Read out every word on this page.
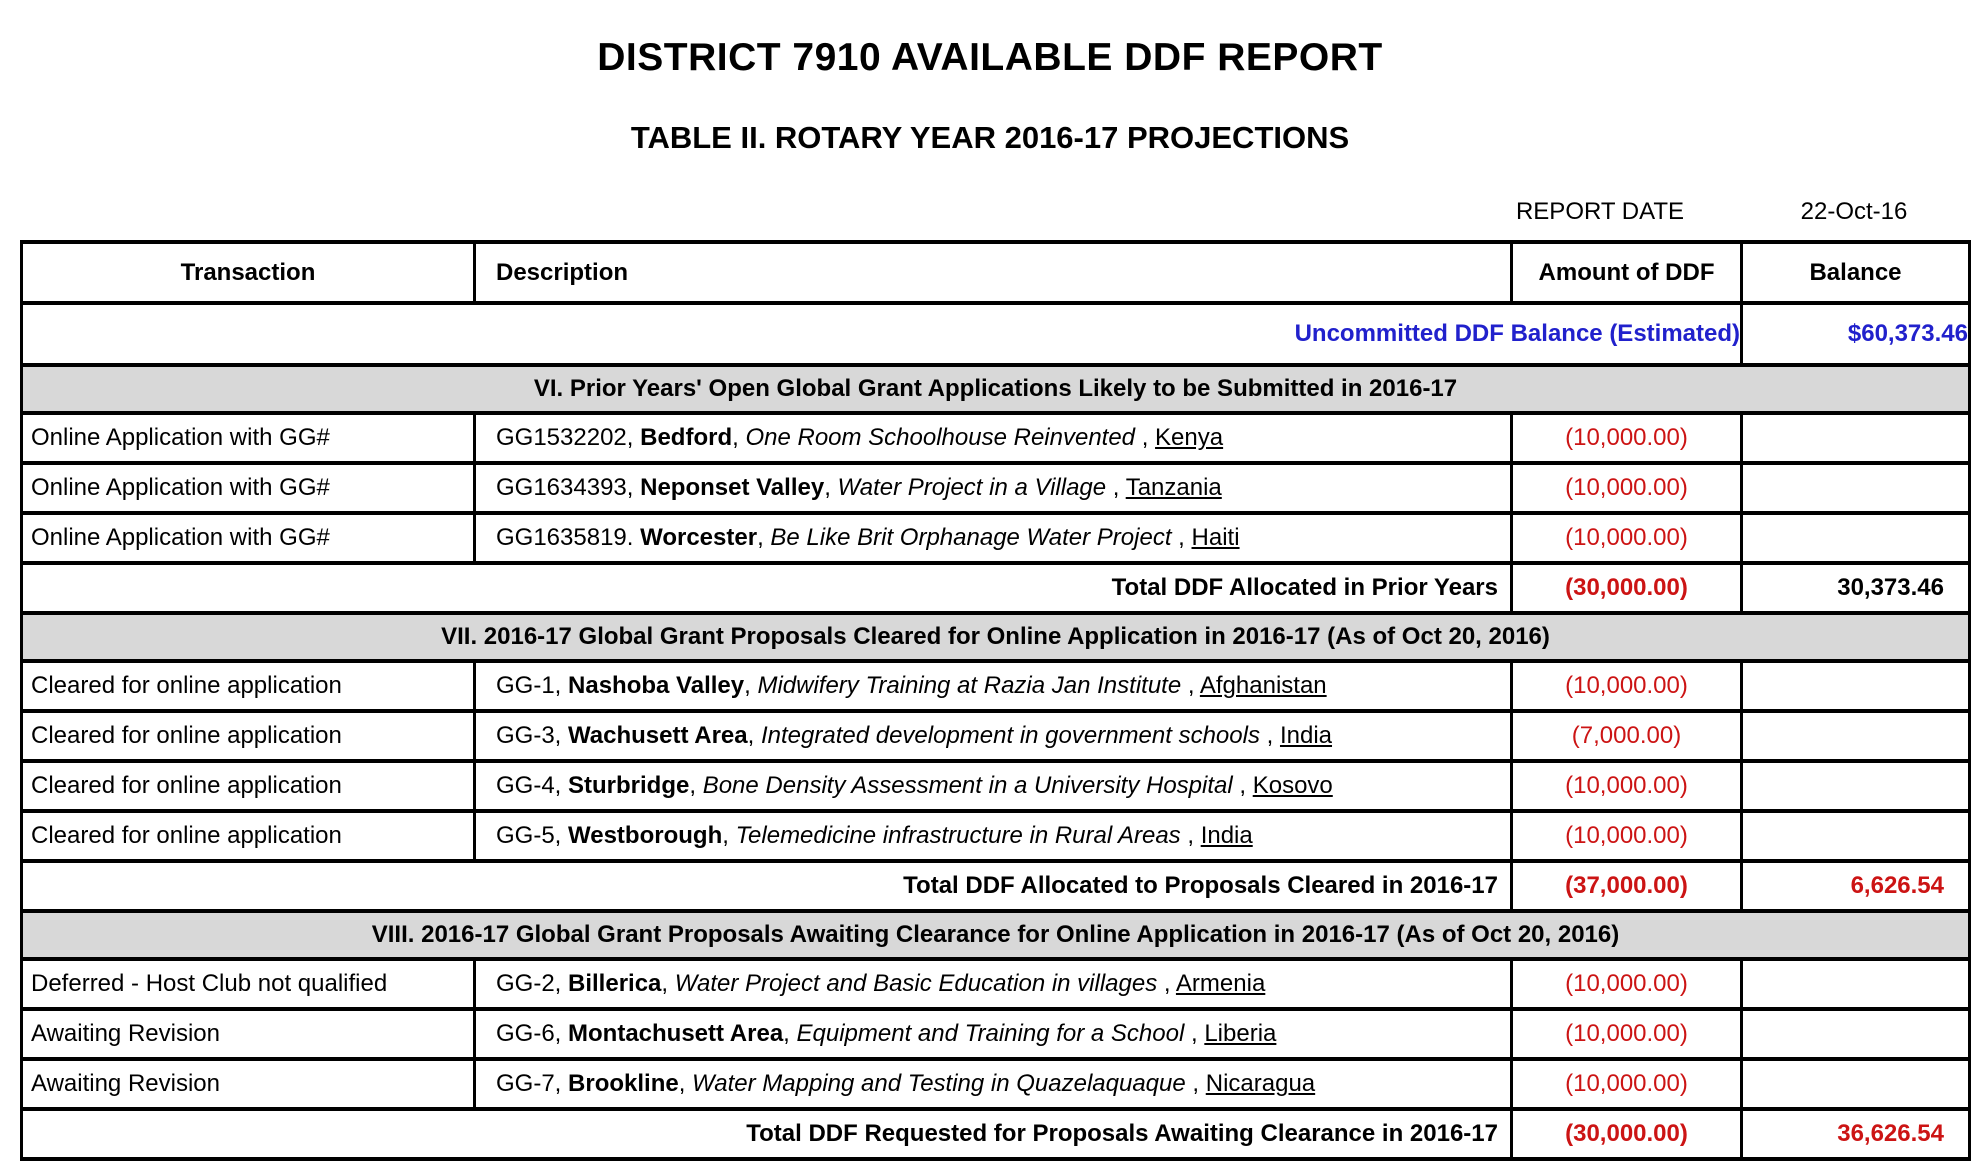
DISTRICT 7910 AVAILABLE DDF REPORT
TABLE II. ROTARY YEAR 2016-17 PROJECTIONS
REPORT DATE	22-Oct-16
Transaction	Description	Amount of DDF	Balance
Uncommitted DDF Balance (Estimated)			$60,373.46
VI. Prior Years' Open Global Grant Applications Likely to be Submitted in 2016-17			
Online Application with GG#	GG1532202, Bedford, One Room Schoolhouse Reinvented , Kenya	(10,000.00)	
Online Application with GG#	GG1634393, Neponset Valley, Water Project in a Village , Tanzania	(10,000.00)	
Online Application with GG#	GG1635819. Worcester, Be Like Brit Orphanage Water Project , Haiti	(10,000.00)	
Total DDF Allocated in Prior Years		(30,000.00)	30,373.46
VII. 2016-17 Global Grant Proposals Cleared for Online Application in 2016-17 (As of Oct 20, 2016)			
Cleared for online application	GG-1, Nashoba Valley, Midwifery Training at Razia Jan Institute , Afghanistan	(10,000.00)	
Cleared for online application	GG-3, Wachusett Area, Integrated development in government schools , India	(7,000.00)	
Cleared for online application	GG-4, Sturbridge, Bone Density Assessment in a University Hospital , Kosovo	(10,000.00)	
Cleared for online application	GG-5, Westborough, Telemedicine infrastructure in Rural Areas , India	(10,000.00)	
Total DDF Allocated to Proposals Cleared in 2016-17		(37,000.00)	6,626.54
VIII. 2016-17 Global Grant Proposals Awaiting Clearance for Online Application in 2016-17 (As of Oct 20, 2016)			
Deferred - Host Club not qualified	GG-2, Billerica, Water Project and Basic Education in villages , Armenia	(10,000.00)	
Awaiting Revision	GG-6, Montachusett Area, Equipment and Training for a School , Liberia	(10,000.00)	
Awaiting Revision	GG-7, Brookline, Water Mapping and Testing in Quazelaquaque , Nicaragua	(10,000.00)	
Total DDF Requested for Proposals Awaiting Clearance in 2016-17		(30,000.00)	36,626.54
